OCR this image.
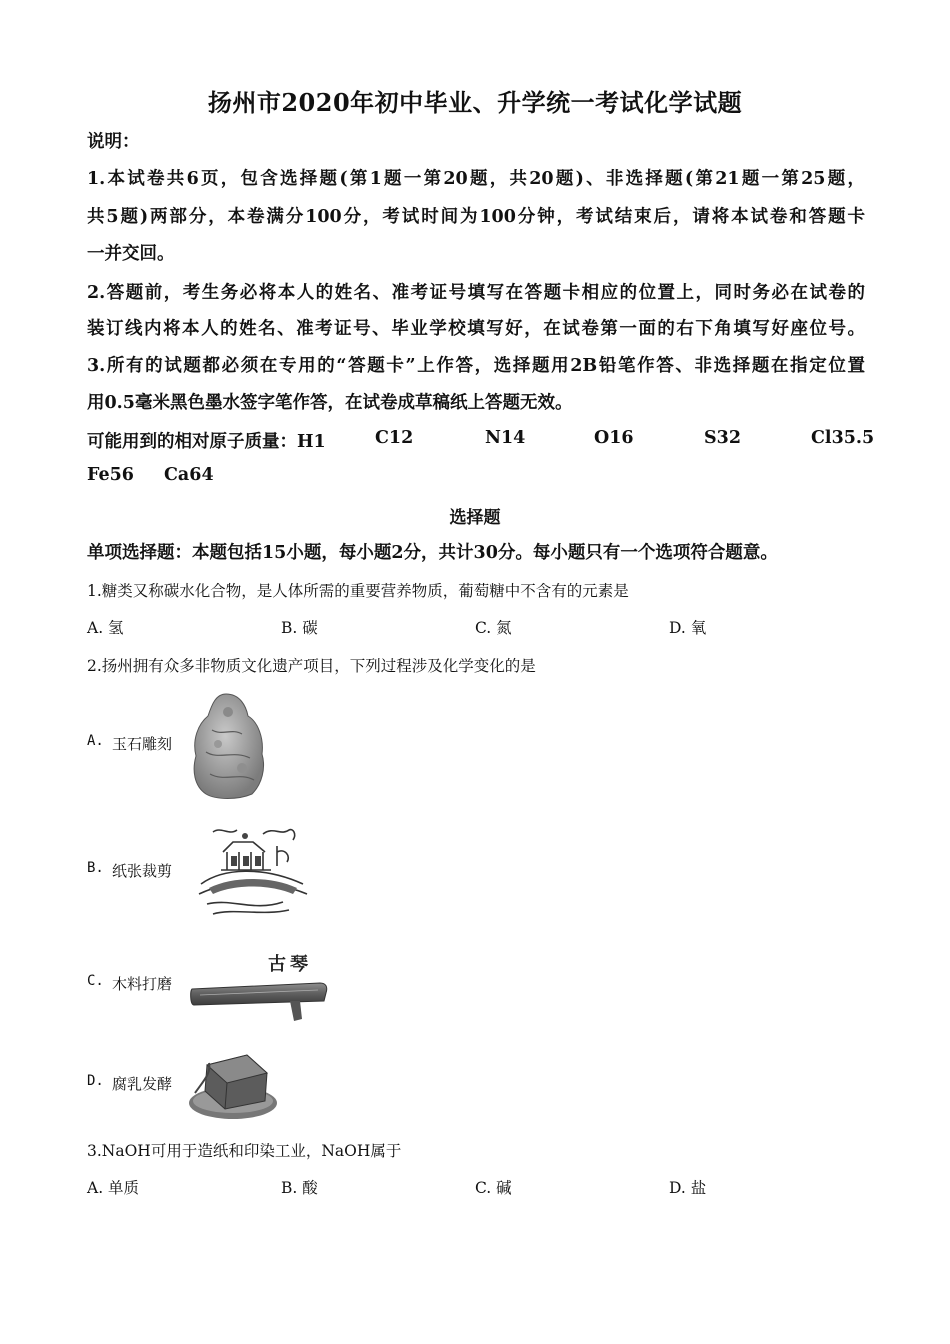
扬州市2020年初中毕业、升学统一考试化学试题
说明：
1.本试卷共6页，包含选择题(第1题一第20题，共20题)、非选择题(第21题一第25题，
共5题)两部分，本卷满分100分，考试时间为100分钟，考试结束后，请将本试卷和答题卡
一并交回。
2.答题前，考生务必将本人的姓名、准考证号填写在答题卡相应的位置上，同时务必在试卷的
装订线内将本人的姓名、准考证号、毕业学校填写好，在试卷第一面的右下角填写好座位号。
3.所有的试题都必须在专用的“答题卡”上作答，选择题用2B铅笔作答、非选择题在指定位置
用0.5毫米黑色墨水签字笔作答，在试卷成草稿纸上答题无效。
可能用到的相对原子质量：H1	C12	N14	O16	S32	Cl35.5
Fe56 Ca64
选择题
单项选择题：本题包括15小题，每小题2分，共计30分。每小题只有一个选项符合题意。
1.糖类又称碳水化合物，是人体所需的重要营养物质，葡萄糖中不含有的元素是
A. 氢	B. 碳	C. 氮	D. 氧
2.扬州拥有众多非物质文化遗产项目，下列过程涉及化学变化的是
A. 玉石雕刻
B. 纸张裁剪
C. 木料打磨
古琴
D. 腐乳发酵
3.NaOH可用于造纸和印染工业，NaOH属于
A. 单质	B. 酸	C. 碱	D. 盐
